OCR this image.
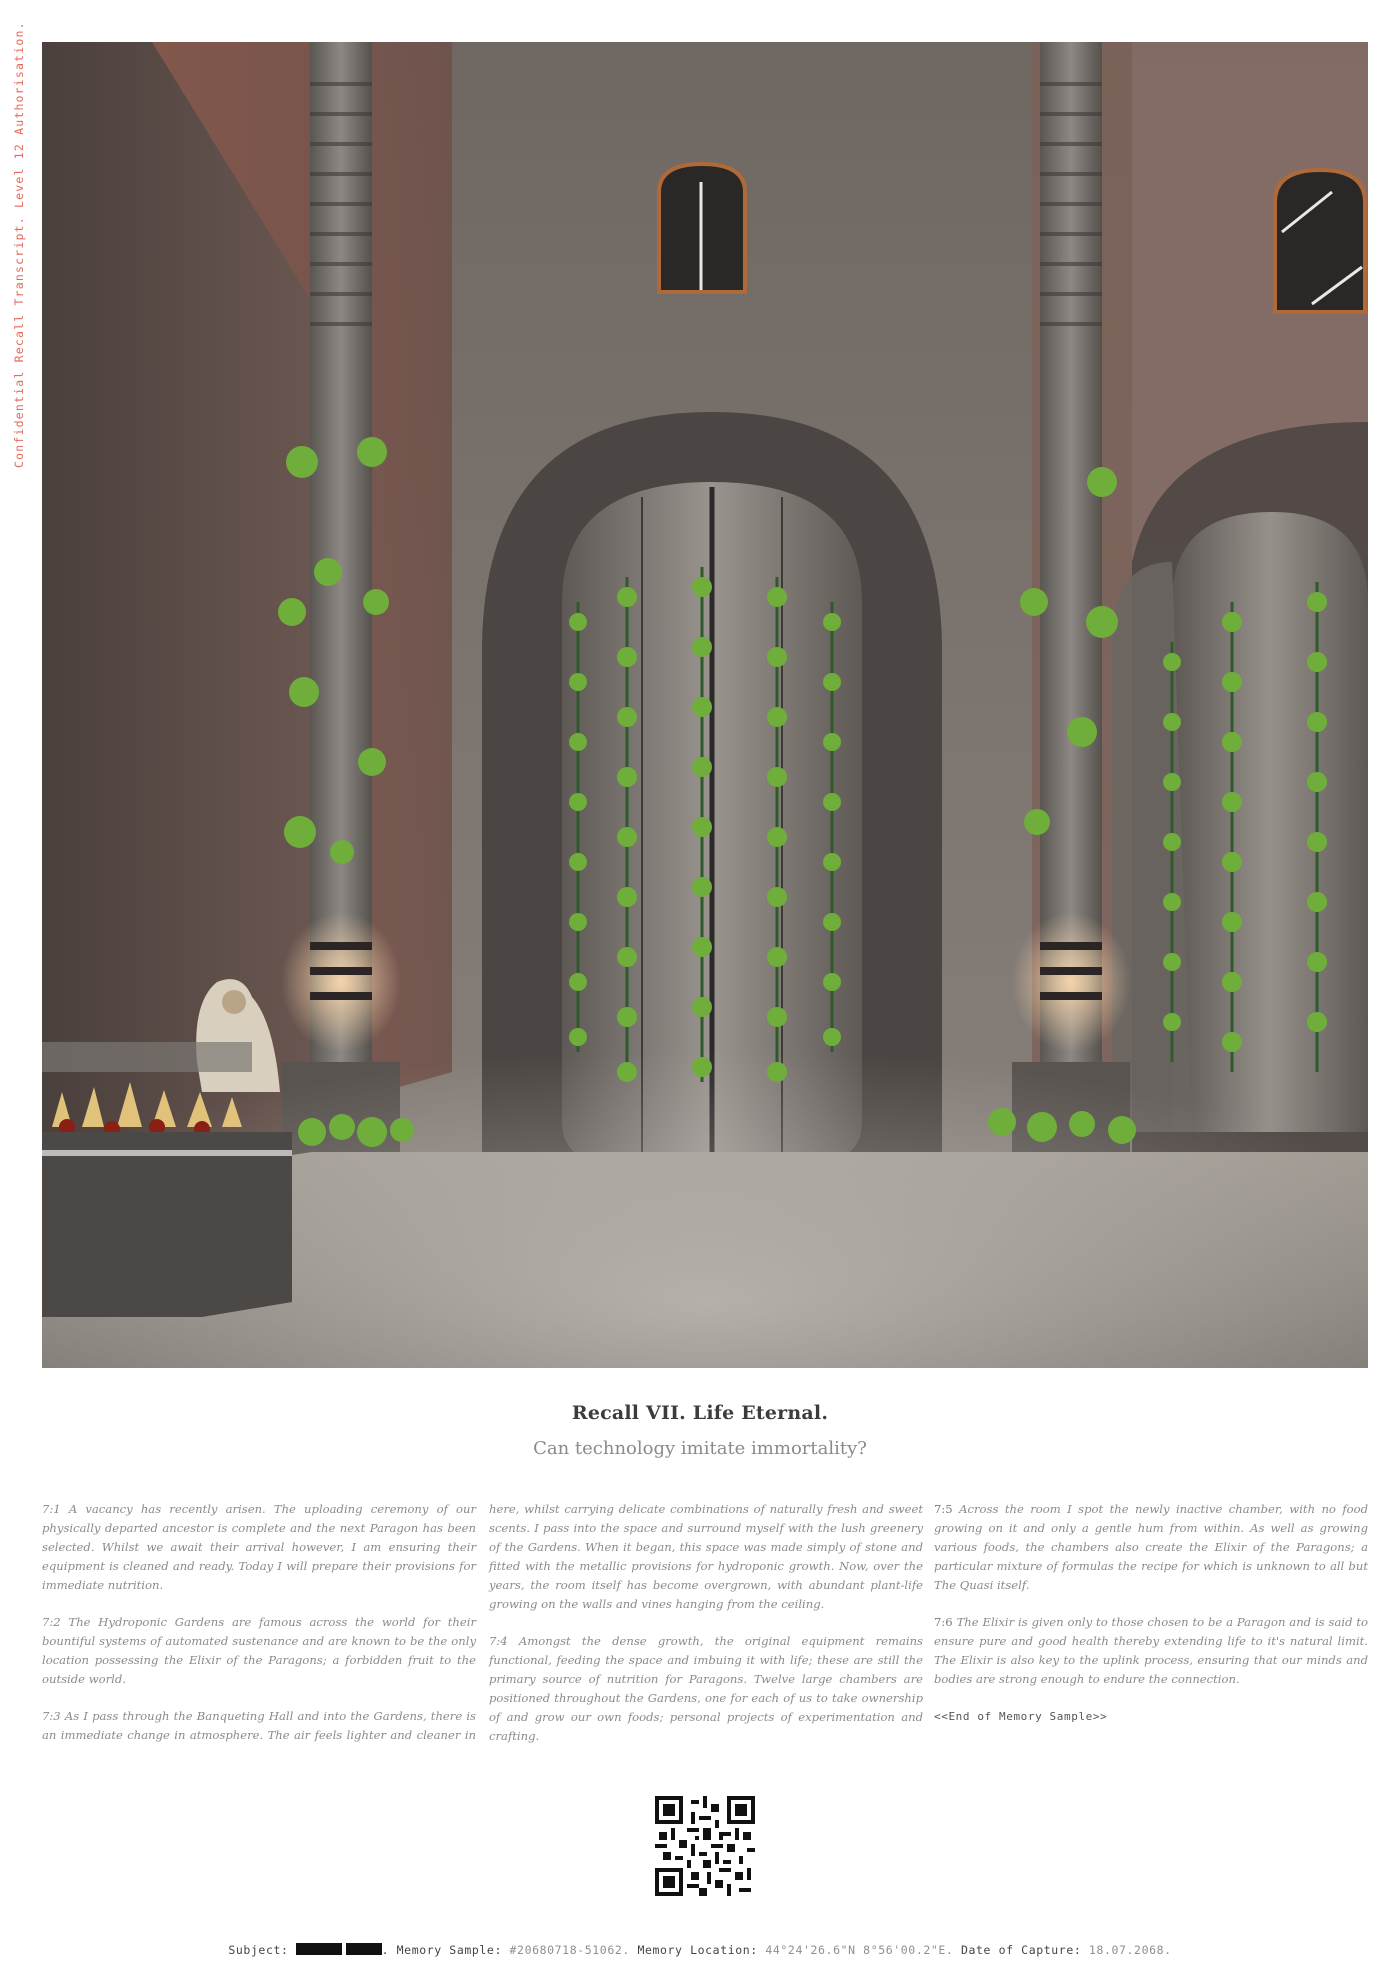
Confidential Recall Transcript. Level 12 Authorisation.
Recall VII. Life Eternal.
Can technology imitate immortality?

7:1 A vacancy has recently arisen. The uploading ceremony of our physically departed ancestor is complete and the next Paragon has been selected. Whilst we await their arrival however, I am ensuring their equipment is cleaned and ready. Today I will prepare their provisions for immediate nutrition.

7:2 The Hydroponic Gardens are famous across the world for their bountiful systems of automated sustenance and are known to be the only location possessing the Elixir of the Paragons; a forbidden fruit to the outside world.

7:3 As I pass through the Banqueting Hall and into the Gardens, there is an immediate change in atmosphere. The air feels lighter and cleaner in here, whilst carrying delicate combinations of naturally fresh and sweet scents. I pass into the space and surround myself with the lush greenery of the Gardens. When it began, this space was made simply of stone and fitted with the metallic provisions for hydroponic growth. Now, over the years, the room itself has become overgrown, with abundant plant-life growing on the walls and vines hanging from the ceiling.

7:4 Amongst the dense growth, the original equipment remains functional, feeding the space and imbuing it with life; these are still the primary source of nutrition for Paragons. Twelve large chambers are positioned throughout the Gardens, one for each of us to take ownership of and grow our own foods; personal projects of experimentation and crafting.

7:5 Across the room I spot the newly inactive chamber, with no food growing on it and only a gentle hum from within. As well as growing various foods, the chambers also create the Elixir of the Paragons; a particular mixture of formulas the recipe for which is unknown to all but The Quasi itself.

7:6 The Elixir is given only to those chosen to be a Paragon and is said to ensure pure and good health thereby extending life to it's natural limit. The Elixir is also key to the uplink process, ensuring that our minds and bodies are strong enough to endure the connection.

<<End of Memory Sample>>

Subject:	. Memory Sample: #20680718-51062. Memory Location: 44°24'26.6"N 8°56'00.2"E. Date of Capture: 18.07.2068.
